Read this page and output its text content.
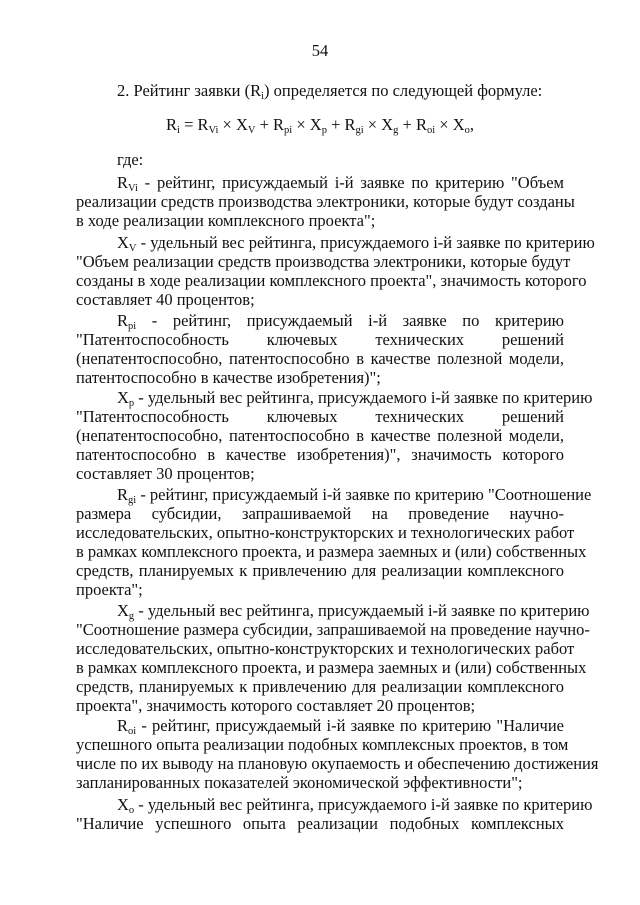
54
2. Рейтинг заявки $(R_i)$ определяется по следующей формуле:
$R_i = R_{Vi} \times X_V + R_{pi} \times X_p + R_{gi} \times X_g + R_{oi} \times X_o$,
где:
$R_{Vi}$ - рейтинг, присуждаемый i-й заявке по критерию "Объем
реализации средств производства электроники, которые будут созданы
в ходе реализации комплексного проекта";
$X_V$ - удельный вес рейтинга, присуждаемого i-й заявке по критерию
"Объем реализации средств производства электроники, которые будут
созданы в ходе реализации комплексного проекта", значимость которого
составляет 40 процентов;
$R_{pi}$ - рейтинг, присуждаемый i-й заявке по критерию
"Патентоспособность ключевых технических решений
(непатентоспособно, патентоспособно в качестве полезной модели,
патентоспособно в качестве изобретения)";
$X_p$ - удельный вес рейтинга, присуждаемого i-й заявке по критерию
"Патентоспособность ключевых технических решений
(непатентоспособно, патентоспособно в качестве полезной модели,
патентоспособно в качестве изобретения)", значимость которого
составляет 30 процентов;
$R_{gi}$ - рейтинг, присуждаемый i-й заявке по критерию "Соотношение
размера субсидии, запрашиваемой на проведение научно-
исследовательских, опытно-конструкторских и технологических работ
в рамках комплексного проекта, и размера заемных и (или) собственных
средств, планируемых к привлечению для реализации комплексного
проекта";
$X_g$ - удельный вес рейтинга, присуждаемый i-й заявке по критерию
"Соотношение размера субсидии, запрашиваемой на проведение научно-
исследовательских, опытно-конструкторских и технологических работ
в рамках комплексного проекта, и размера заемных и (или) собственных
средств, планируемых к привлечению для реализации комплексного
проекта", значимость которого составляет 20 процентов;
$R_{oi}$ - рейтинг, присуждаемый i-й заявке по критерию "Наличие
успешного опыта реализации подобных комплексных проектов, в том
числе по их выводу на плановую окупаемость и обеспечению достижения
запланированных показателей экономической эффективности";
$X_o$ - удельный вес рейтинга, присуждаемого i-й заявке по критерию
"Наличие успешного опыта реализации подобных комплексных
